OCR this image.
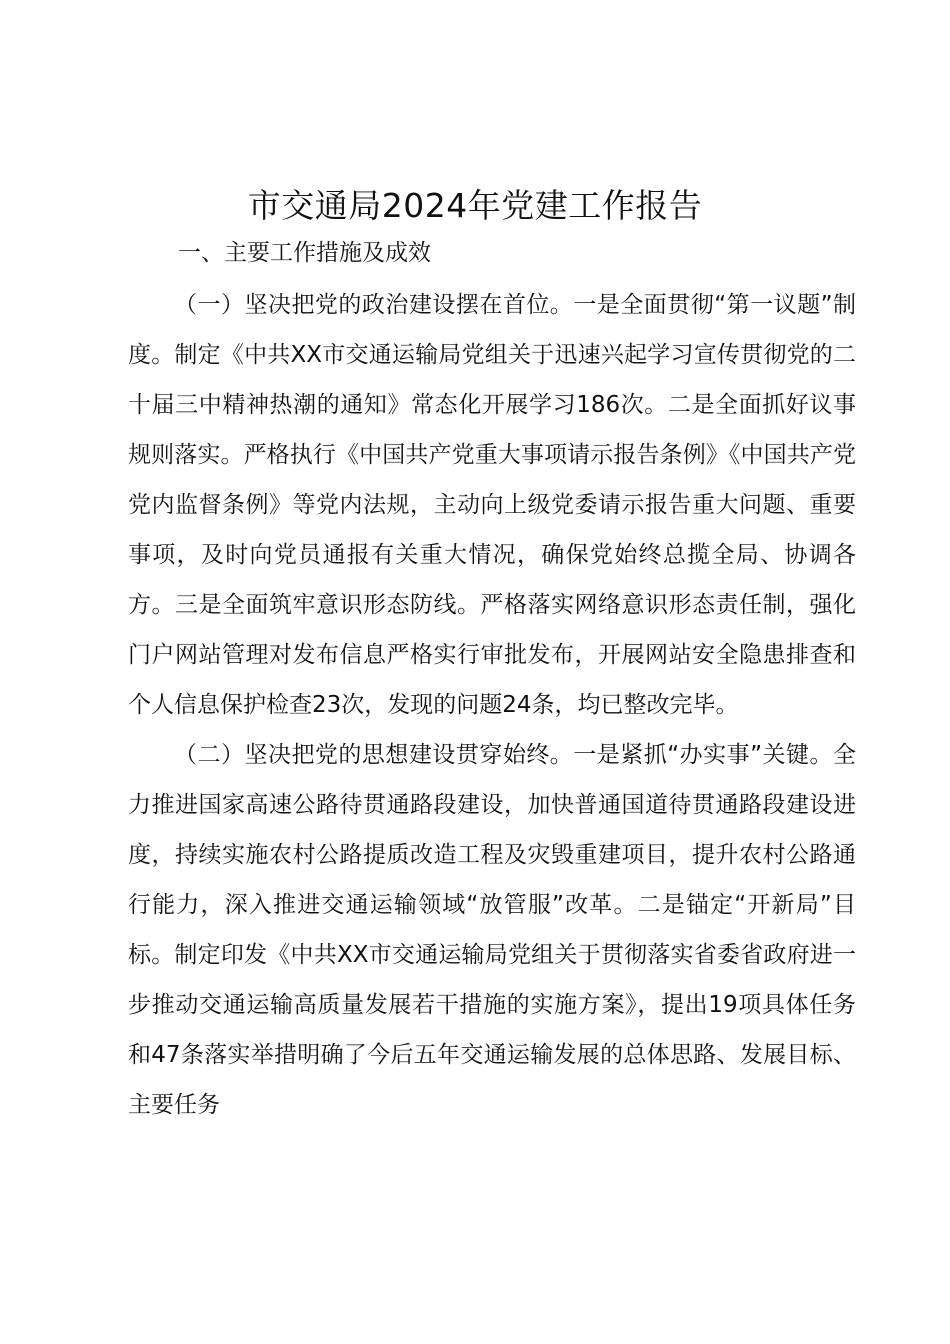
市交通局2024年党建工作报告
一、主要工作措施及成效

（一）坚决把党的政治建设摆在首位。一是全面贯彻“第一议题”制度。制定《中共XX市交通运输局党组关于迅速兴起学习宣传贯彻党的二十届三中精神热潮的通知》常态化开展学习186次。二是全面抓好议事规则落实。严格执行《中国共产党重大事项请示报告条例》《中国共产党党内监督条例》等党内法规，主动向上级党委请示报告重大问题、重要事项，及时向党员通报有关重大情况，确保党始终总揽全局、协调各方。三是全面筑牢意识形态防线。严格落实网络意识形态责任制，强化门户网站管理对发布信息严格实行审批发布，开展网站安全隐患排查和个人信息保护检查23次，发现的问题24条，均已整改完毕。

（二）坚决把党的思想建设贯穿始终。一是紧抓“办实事”关键。全力推进国家高速公路待贯通路段建设，加快普通国道待贯通路段建设进度，持续实施农村公路提质改造工程及灾毁重建项目，提升农村公路通行能力，深入推进交通运输领域“放管服”改革。二是锚定“开新局”目标。制定印发《中共XX市交通运输局党组关于贯彻落实省委省政府进一步推动交通运输高质量发展若干措施的实施方案》，提出19项具体任务和47条落实举措明确了今后五年交通运输发展的总体思路、发展目标、主要任务
